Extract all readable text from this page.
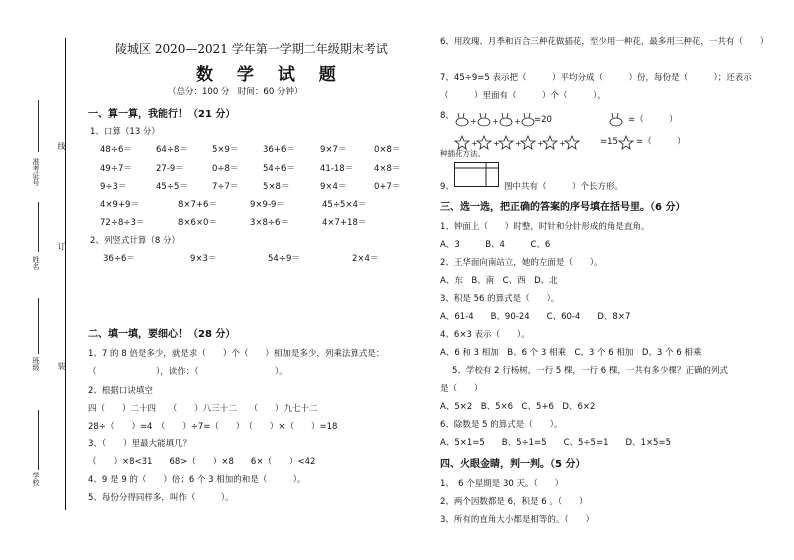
准考证号
姓名
班级
学校
线
订
装
陵城区 2020—2021 学年第一学期二年级期末考试
数 学 试 题
（总分：100 分　时间：60 分钟）
一、算一算，我能行！（21 分）
1、口算（13 分）
48÷6＝	64÷8＝	5×9＝	36+6＝	9×7＝	0×8＝
49÷7＝	27-9＝	0÷8＝	54÷6＝	41-18＝ 4×8＝
9÷3＝	45÷5＝	7÷7＝	5×8＝	9×4＝	0+7＝
4×9+9＝	8×7+6＝	9×9-9＝	45÷5×4＝
72÷8÷3＝	8×6×0＝	3×8÷6＝	4×7+18＝
2、列竖式计算（8 分）
36÷6＝	9×3＝	54÷9＝	2×4＝
二、填一填，要细心！（28 分）
1、7 的 8 倍是多少，就是求（　　）个（　　）相加是多少，列乘法算式是：
（　　　　　　　），读作：（　　　　　　　　　）。
2、根据口诀填空
四（　　）二十四　　（　　）八三十二　　（　　）九七十二
28÷（　　）=4　（　　）÷7=（　　）　（　　）×（　　）=18
3、（　　）里最大能填几？
（　　）×8<31　　68>（　　）×8　　6×（　　）<42
4、9 是 9 的（　　）倍；6 个 3 相加的和是（　　　）。
5、每份分得同样多，叫作（　　　）。
6、用玫瑰、月季和百合三种花做插花，至少用一种花，最多用三种花，一共有（　　）
7、45÷9=5 表示把（　　　）平均分成（　　　）份，每份是（　　　）；还表示
（　　　）里面有（　　　）个（　　　）。
8、
+ + + =20	=（　　　）
+ + + + +	=15 =（　　　）
种插花方法。
9、	图中共有（　　　）个长方形。
三、选一选，把正确的答案的序号填在括号里。（6 分）
1、钟面上（　　）时整，时针和分针形成的角是直角。
A、3　　　B、4　　　C、6
2、王华面向南站立，她的左面是（　　）。
A、东　B、南　C、西　D、北
3、积是 56 的算式是（　　）。
A、61-4　　B、90-24　　C、60-4　　D、8×7
4、6×3 表示（　　）。
A、6 和 3 相加　B、6 个 3 相乘　C、3 个 6 相加　D、3 个 6 相乘
5、学校有 2 行杨树，一行 5 棵，一行 6 棵，一共有多少棵？正确的列式
是（　　）
A、5×2　B、5×6　C、5+6　D、6×2
6、除数是 5 的算式是（　　）。
A、5×1=5　　B、5÷1=5　　C、5÷5=1　　D、1×5=5
四、火眼金睛，判一判。（5 分）
1、　6 个星期是 30 天。（　　）
2、两个因数都是 6，积是 6 。（　　）
3、所有的直角大小都是相等的。（　　）
